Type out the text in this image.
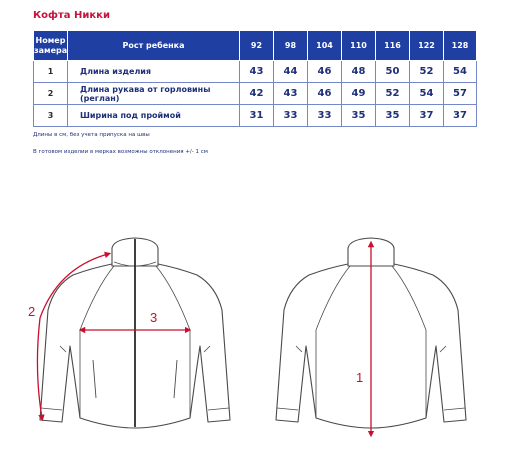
Кофта Никки
Номер замера	Рост ребенка	92	98	104	110	116	122	128
1	Длина изделия	43	44	46	48	50	52	54
2	Длина рукава от горловины (реглан)	42	43	46	49	52	54	57
3	Ширина под проймой	31	33	33	35	35	37	37
Длины в см, без учета припуска на швы
В готовом изделии в мерках возможны отклонения +/- 1 см
2	3
1
